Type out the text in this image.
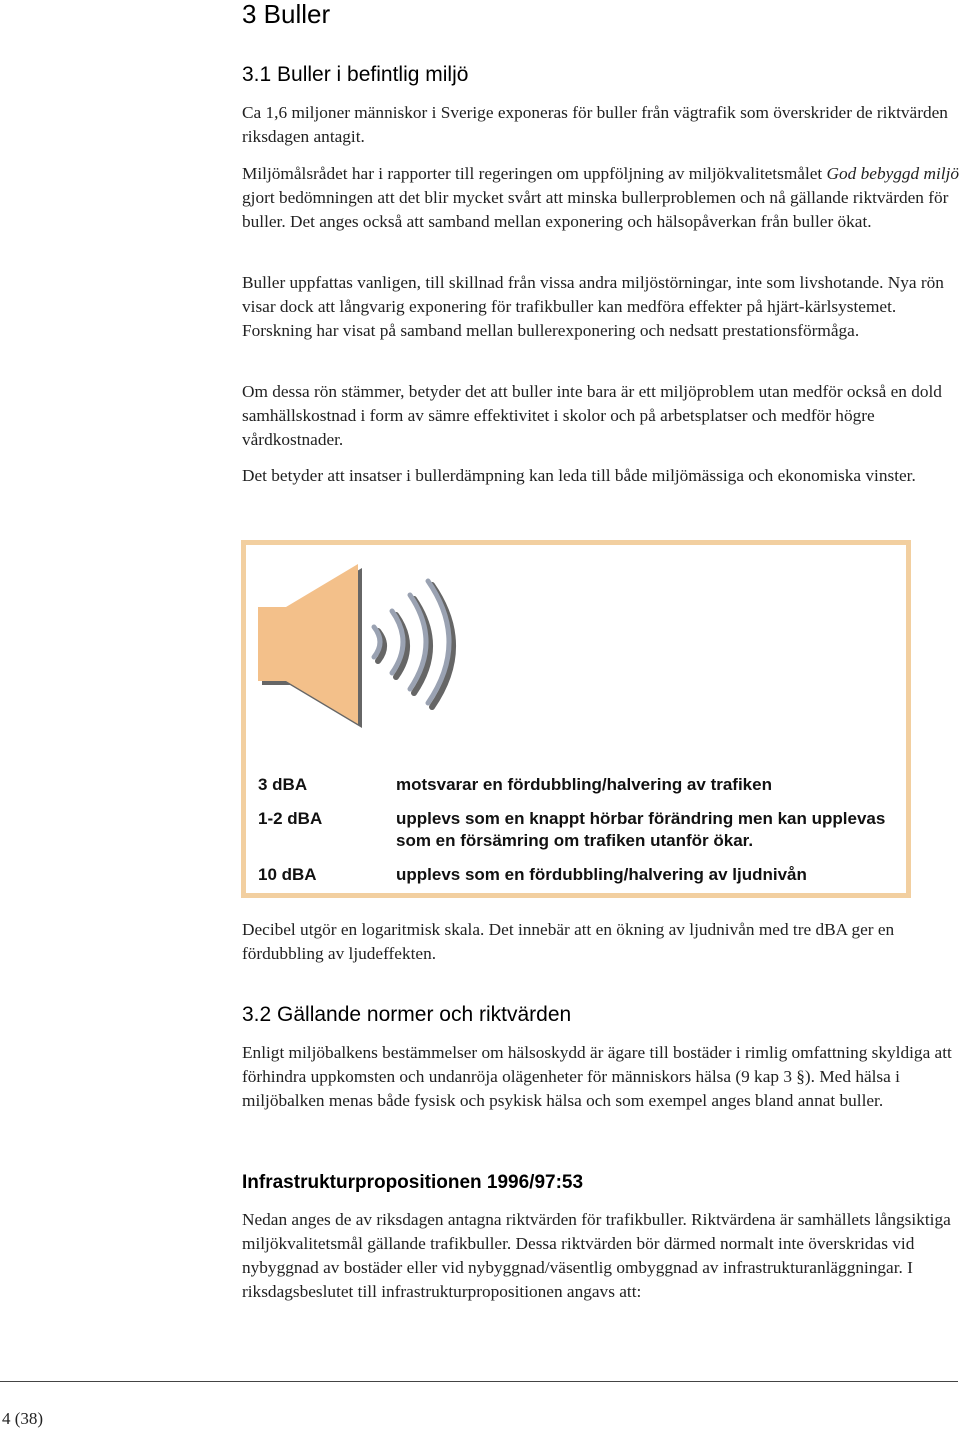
3 Buller
3.1 Buller i befintlig miljö

Ca 1,6 miljoner människor i Sverige exponeras för buller från vägtrafik som överskrider de riktvärden riksdagen antagit.

Miljömålsrådet har i rapporter till regeringen om uppföljning av miljökvalitetsmålet God bebyggd miljö gjort bedömningen att det blir mycket svårt att minska bullerproblemen och nå gällande riktvärden för buller. Det anges också att samband mellan exponering och hälsopåverkan från buller ökat.

Buller uppfattas vanligen, till skillnad från vissa andra miljöstörningar, inte som livshotande. Nya rön visar dock att långvarig exponering för trafikbuller kan medföra effekter på hjärt-kärlsystemet. Forskning har visat på samband mellan bullerexponering och nedsatt prestationsförmåga.

Om dessa rön stämmer, betyder det att buller inte bara är ett miljöproblem utan medför också en dold samhällskostnad i form av sämre effektivitet i skolor och på arbetsplatser och medför högre vårdkostnader.

Det betyder att insatser i bullerdämpning kan leda till både miljömässiga och ekonomiska vinster.

3 dBA	motsvarar en fördubbling/halvering av trafiken
1-2 dBA	upplevs som en knappt hörbar förändring men kan upplevas som en försämring om trafiken utanför ökar.
10 dBA	upplevs som en fördubbling/halvering av ljudnivån

Decibel utgör en logaritmisk skala. Det innebär att en ökning av ljudnivån med tre dBA ger en fördubbling av ljudeffekten.

3.2 Gällande normer och riktvärden

Enligt miljöbalkens bestämmelser om hälsoskydd är ägare till bostäder i rimlig omfattning skyldiga att förhindra uppkomsten och undanröja olägenheter för människors hälsa (9 kap 3 §). Med hälsa i miljöbalken menas både fysisk och psykisk hälsa och som exempel anges bland annat buller.

Infrastrukturpropositionen 1996/97:53

Nedan anges de av riksdagen antagna riktvärden för trafikbuller. Riktvärdena är samhällets långsiktiga miljökvalitetsmål gällande trafikbuller. Dessa riktvärden bör därmed normalt inte överskridas vid nybyggnad av bostäder eller vid nybyggnad/väsentlig ombyggnad av infrastrukturanläggningar. I riksdagsbeslutet till infrastrukturpropositionen angavs att:

4 (38)
